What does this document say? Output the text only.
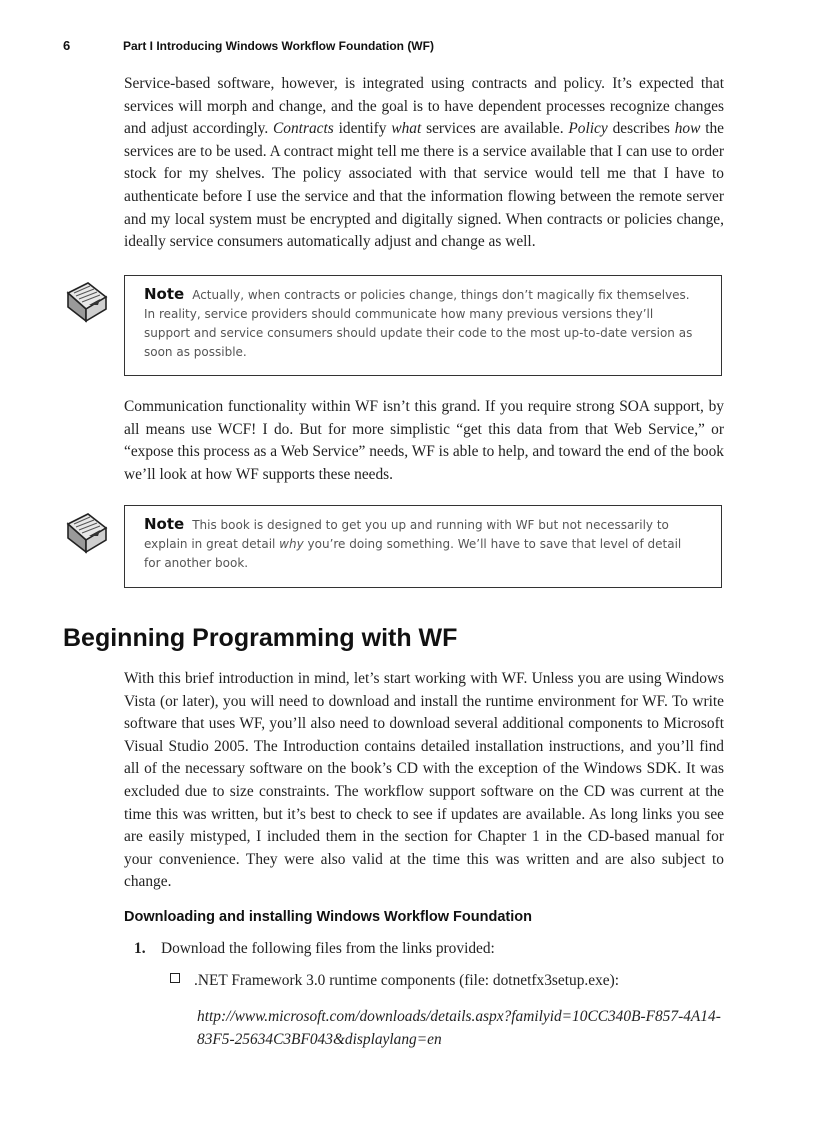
6	Part I Introducing Windows Workflow Foundation (WF)

Service-based software, however, is integrated using contracts and policy. It’s expected that services will morph and change, and the goal is to have dependent processes recognize changes and adjust accordingly. Contracts identify what services are available. Policy describes how the services are to be used. A contract might tell me there is a service available that I can use to order stock for my shelves. The policy associated with that service would tell me that I have to authenticate before I use the service and that the information flowing between the remote server and my local system must be encrypted and digitally signed. When contracts or policies change, ideally service consumers automatically adjust and change as well.

Note Actually, when contracts or policies change, things don’t magically fix themselves. In reality, service providers should communicate how many previous versions they’ll support and service consumers should update their code to the most up-to-date version as soon as possible.

Communication functionality within WF isn’t this grand. If you require strong SOA support, by all means use WCF! I do. But for more simplistic “get this data from that Web Service,” or “expose this process as a Web Service” needs, WF is able to help, and toward the end of the book we’ll look at how WF supports these needs.

Note This book is designed to get you up and running with WF but not necessarily to explain in great detail why you’re doing something. We’ll have to save that level of detail for another book.
Beginning Programming with WF

With this brief introduction in mind, let’s start working with WF. Unless you are using Windows Vista (or later), you will need to download and install the runtime environment for WF. To write software that uses WF, you’ll also need to download several additional components to Microsoft Visual Studio 2005. The Introduction contains detailed installation instructions, and you’ll find all of the necessary software on the book’s CD with the exception of the Windows SDK. It was excluded due to size constraints. The workflow support software on the CD was current at the time this was written, but it’s best to check to see if updates are available. As long links you see are easily mistyped, I included them in the section for Chapter 1 in the CD-based manual for your convenience. They were also valid at the time this was written and are also subject to change.

Downloading and installing Windows Workflow Foundation
1. Download the following files from the links provided:
.NET Framework 3.0 runtime components (file: dotnetfx3setup.exe):
http://www.microsoft.com/downloads/details.aspx?familyid=10CC340B-F857-4A14-83F5-25634C3BF043&displaylang=en
